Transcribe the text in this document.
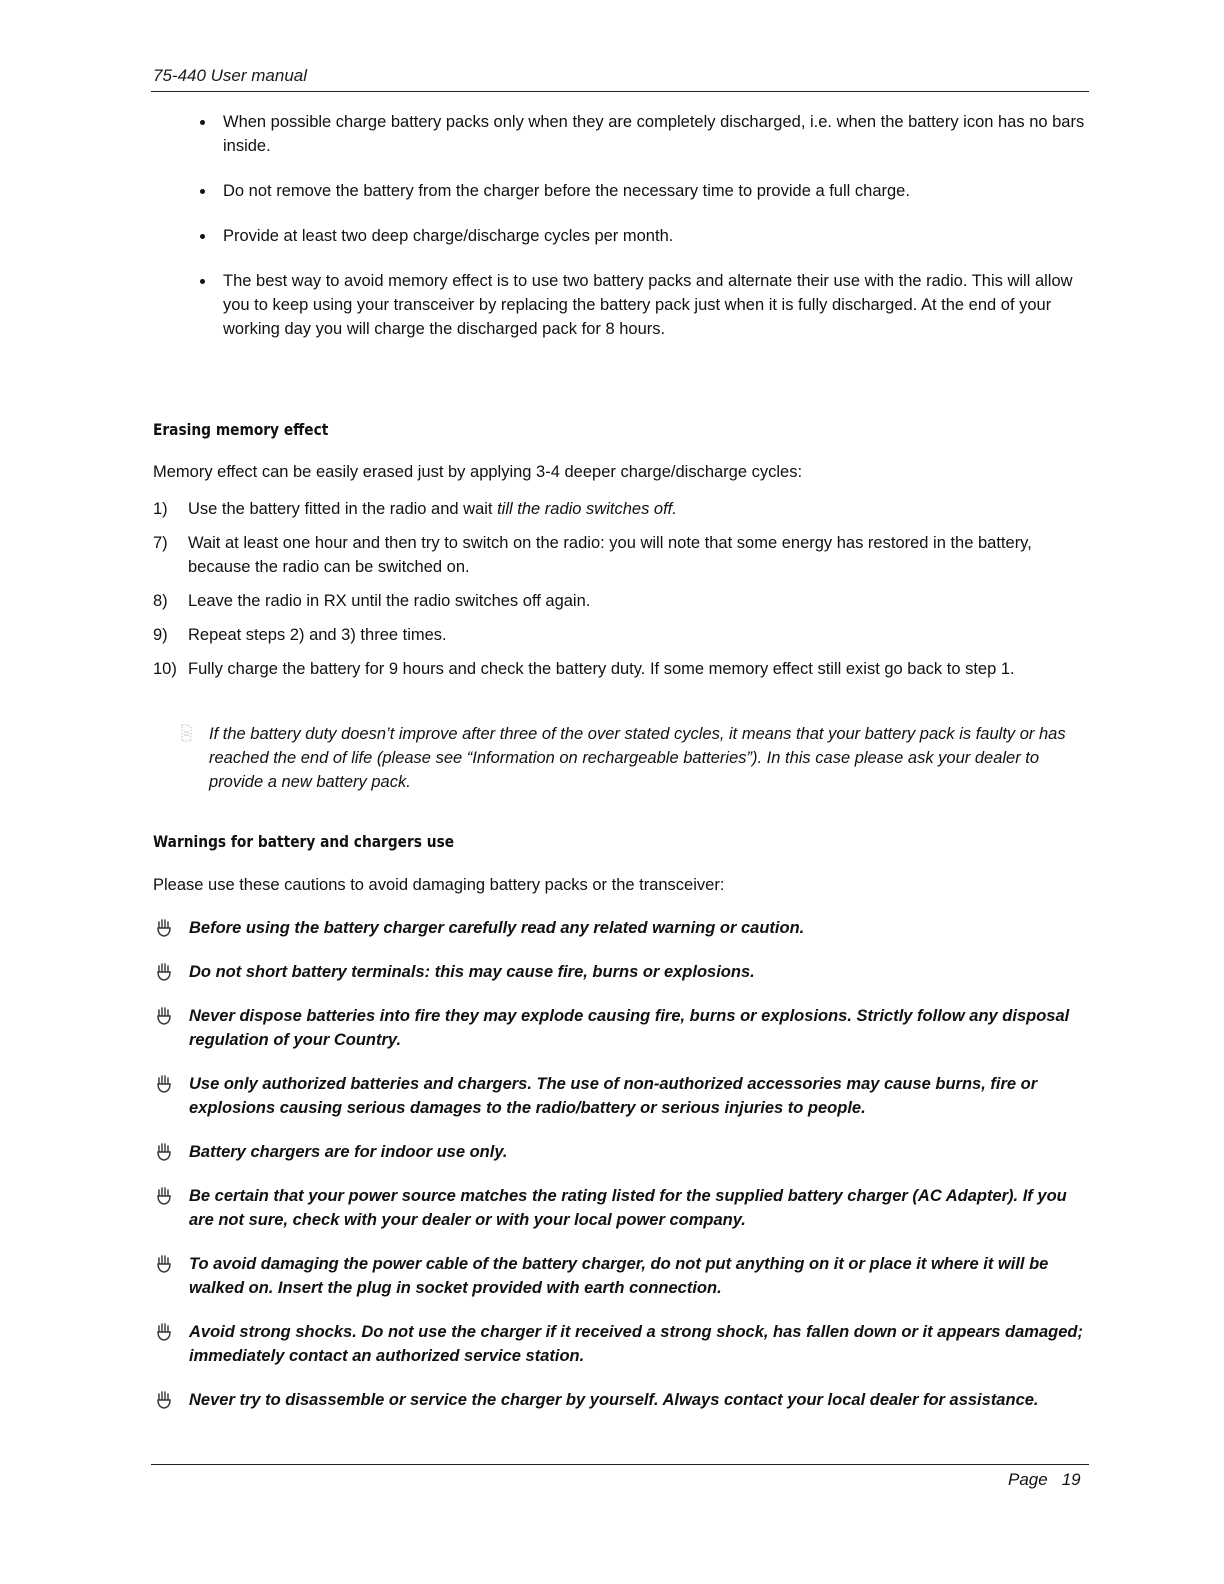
75-440 User manual
When possible charge battery packs only when they are completely discharged, i.e. when the battery icon has no bars inside.
Do not remove the battery from the charger before the necessary time to provide a full charge.
Provide at least two deep charge/discharge cycles per month.
The best way to avoid memory effect is to use two battery packs and alternate their use with the radio. This will allow you to keep using your transceiver by replacing the battery pack just when it is fully discharged. At the end of your working day you will charge the discharged pack for 8 hours.
Erasing memory effect
Memory effect can be easily erased just by applying 3-4 deeper charge/discharge cycles:
1) Use the battery fitted in the radio and wait till the radio switches off.
7) Wait at least one hour and then try to switch on the radio: you will note that some energy has restored in the battery, because the radio can be switched on.
8) Leave the radio in RX until the radio switches off again.
9) Repeat steps 2) and 3) three times.
10) Fully charge the battery for 9 hours and check the battery duty. If some memory effect still exist go back to step 1.
If the battery duty doesn’t improve after three of the over stated cycles, it means that your battery pack is faulty or has reached the end of life (please see “Information on rechargeable batteries”). In this case please ask your dealer to provide a new battery pack.
Warnings for battery and chargers use
Please use these cautions to avoid damaging battery packs or the transceiver:
Before using the battery charger carefully read any related warning or caution.
Do not short battery terminals: this may cause fire, burns or explosions.
Never dispose batteries into fire they may explode causing fire, burns or explosions. Strictly follow any disposal regulation of your Country.
Use only authorized batteries and chargers. The use of non-authorized accessories may cause burns, fire or explosions causing serious damages to the radio/battery or serious injuries to people.
Battery chargers are for indoor use only.
Be certain that your power source matches the rating listed for the supplied battery charger (AC Adapter). If you are not sure, check with your dealer or with your local power company.
To avoid damaging the power cable of the battery charger, do not put anything on it or place it where it will be walked on. Insert the plug in socket provided with earth connection.
Avoid strong shocks. Do not use the charger if it received a strong shock, has fallen down or it appears damaged; immediately contact an authorized service station.
Never try to disassemble or service the charger by yourself. Always contact your local dealer for assistance.
Page 19
